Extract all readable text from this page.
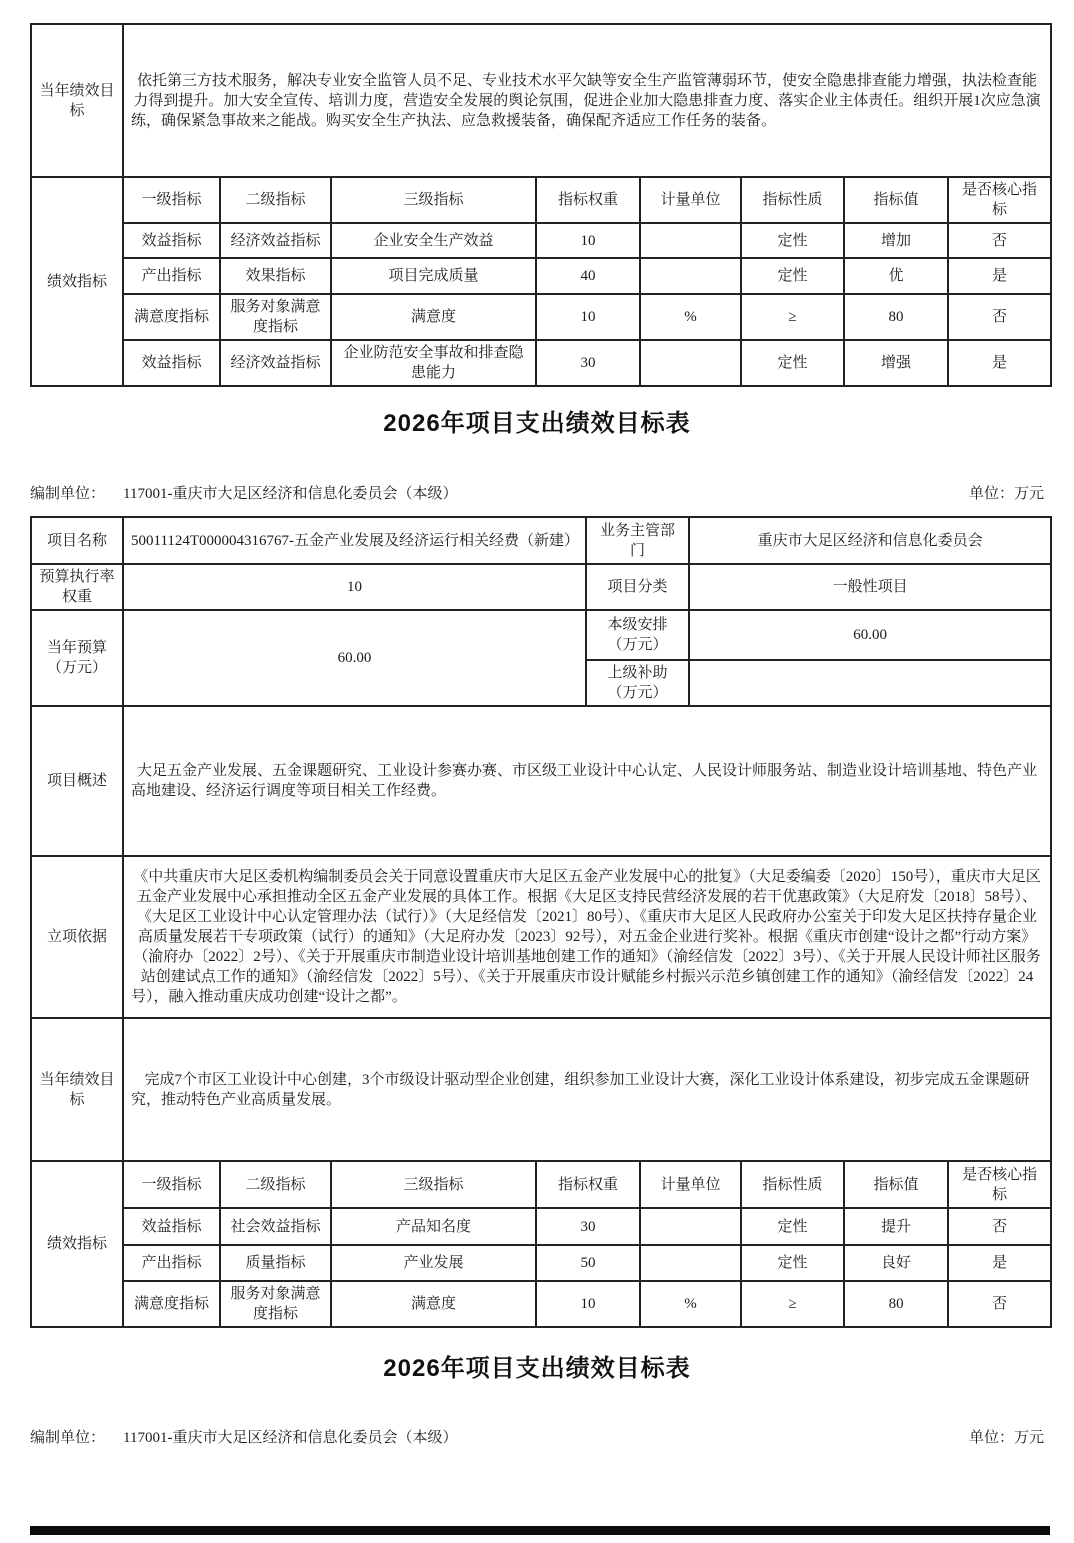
当年绩效目标	依托第三方技术服务，解决专业安全监管人员不足、专业技术水平欠缺等安全生产监管薄弱环节，使安全隐患排查能力增强，执法检查能力得到提升。加大安全宣传、培训力度，营造安全发展的舆论氛围，促进企业加大隐患排查力度、落实企业主体责任。组织开展1次应急演练，确保紧急事故来之能战。购买安全生产执法、应急救援装备，确保配齐适应工作任务的装备。							
绩效指标	一级指标	二级指标	三级指标	指标权重	计量单位	指标性质	指标值	是否核心指标
	效益指标	经济效益指标	企业安全生产效益	10		定性	增加	否
	产出指标	效果指标	项目完成质量	40		定性	优	是
	满意度指标	服务对象满意度指标	满意度	10	%	≥	80	否
	效益指标	经济效益指标	企业防范安全事故和排查隐患能力	30		定性	增强	是
2026年项目支出绩效目标表
编制单位： 117001-重庆市大足区经济和信息化委员会（本级）	单位：万元
项目名称	50011124T000004316767-五金产业发展及经济运行相关经费（新建）				业务主管部门		重庆市大足区经济和信息化委员会			
预算执行率权重	10				项目分类		一般性项目			
当年预算（万元）	60.00				本级安排（万元）		60.00			
					上级补助（万元）					
项目概述	大足五金产业发展、五金课题研究、工业设计参赛办赛、市区级工业设计中心认定、人民设计师服务站、制造业设计培训基地、特色产业高地建设、经济运行调度等项目相关工作经费。									
立项依据	《中共重庆市大足区委机构编制委员会关于同意设置重庆市大足区五金产业发展中心的批复》（大足委编委〔2020〕150号），重庆市大足区五金产业发展中心承担推动全区五金产业发展的具体工作。根据《大足区支持民营经济发展的若干优惠政策》（大足府发〔2018〕58号）、《大足区工业设计中心认定管理办法（试行）》（大足经信发〔2021〕80号）、《重庆市大足区人民政府办公室关于印发大足区扶持存量企业高质量发展若干专项政策（试行）的通知》（大足府办发〔2023〕92号），对五金企业进行奖补。根据《重庆市创建“设计之都”行动方案》（渝府办〔2022〕2号）、《关于开展重庆市制造业设计培训基地创建工作的通知》（渝经信发〔2022〕3号）、《关于开展人民设计师社区服务站创建试点工作的通知》（渝经信发〔2022〕5号）、《关于开展重庆市设计赋能乡村振兴示范乡镇创建工作的通知》（渝经信发〔2022〕24号），融入推动重庆成功创建“设计之都”。									
当年绩效目标	完成7个市区工业设计中心创建，3个市级设计驱动型企业创建，组织参加工业设计大赛，深化工业设计体系建设，初步完成五金课题研究，推动特色产业高质量发展。									
绩效指标	一级指标	二级指标	三级指标	指标权重		计量单位		指标性质	指标值	是否核心指标
	效益指标	社会效益指标	产品知名度	30				定性	提升	否
	产出指标	质量指标	产业发展	50				定性	良好	是
	满意度指标	服务对象满意度指标	满意度	10		%		≥	80	否
2026年项目支出绩效目标表
编制单位： 117001-重庆市大足区经济和信息化委员会（本级）	单位：万元
